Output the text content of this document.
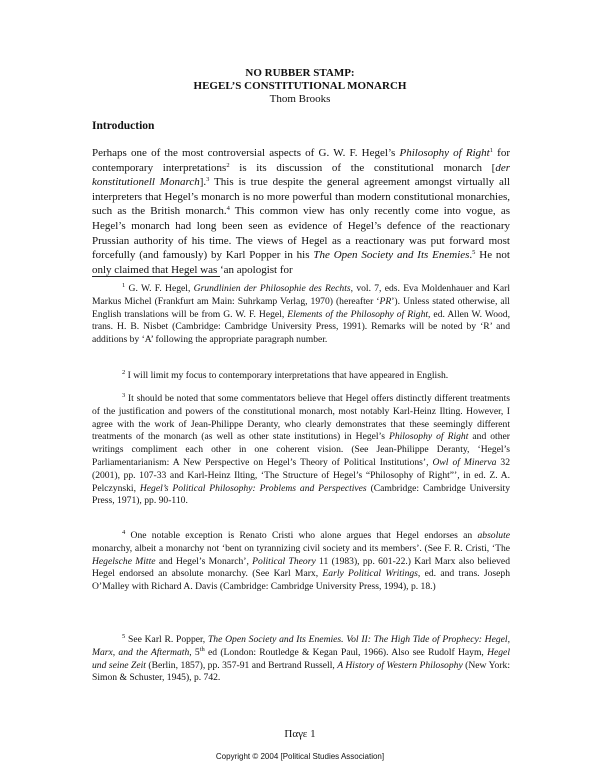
NO RUBBER STAMP:
HEGEL’S CONSTITUTIONAL MONARCH
Thom Brooks
Introduction
Perhaps one of the most controversial aspects of G. W. F. Hegel’s Philosophy of Right$^1$ for contemporary interpretations$^2$ is its discussion of the constitutional monarch [der konstitutionell Monarch].$^3$ This is true despite the general agreement amongst virtually all interpreters that Hegel’s monarch is no more powerful than modern constitutional monarchies, such as the British monarch.$^4$ This common view has only recently come into vogue, as Hegel’s monarch had long been seen as evidence of Hegel’s defence of the reactionary Prussian authority of his time. The views of Hegel as a reactionary was put forward most forcefully (and famously) by Karl Popper in his The Open Society and Its Enemies.$^5$ He not only claimed that Hegel was ‘an apologist for
$^1$ G. W. F. Hegel, Grundlinien der Philosophie des Rechts, vol. 7, eds. Eva Moldenhauer and Karl Markus Michel (Frankfurt am Main: Suhrkamp Verlag, 1970) (hereafter ‘PR’). Unless stated otherwise, all English translations will be from G. W. F. Hegel, Elements of the Philosophy of Right, ed. Allen W. Wood, trans. H. B. Nisbet (Cambridge: Cambridge University Press, 1991). Remarks will be noted by ‘R’ and additions by ‘A’ following the appropriate paragraph number.
$^2$ I will limit my focus to contemporary interpretations that have appeared in English.
$^3$ It should be noted that some commentators believe that Hegel offers distinctly different treatments of the justification and powers of the constitutional monarch, most notably Karl-Heinz Ilting. However, I agree with the work of Jean-Philippe Deranty, who clearly demonstrates that these seemingly different treatments of the monarch (as well as other state institutions) in Hegel’s Philosophy of Right and other writings compliment each other in one coherent vision. (See Jean-Philippe Deranty, ‘Hegel’s Parliamentarianism: A New Perspective on Hegel’s Theory of Political Institutions’, Owl of Minerva 32 (2001), pp. 107-33 and Karl-Heinz Ilting, ‘The Structure of Hegel’s “Philosophy of Right”’, in ed. Z. A. Pelczynski, Hegel’s Political Philosophy: Problems and Perspectives (Cambridge: Cambridge University Press, 1971), pp. 90-110.
$^4$ One notable exception is Renato Cristi who alone argues that Hegel endorses an absolute monarchy, albeit a monarchy not ‘bent on tyrannizing civil society and its members’. (See F. R. Cristi, ‘The Hegelsche Mitte and Hegel’s Monarch’, Political Theory 11 (1983), pp. 601-22.) Karl Marx also believed Hegel endorsed an absolute monarchy. (See Karl Marx, Early Political Writings, ed. and trans. Joseph O’Malley with Richard A. Davis (Cambridge: Cambridge University Press, 1994), p. 18.)
$^5$ See Karl R. Popper, The Open Society and Its Enemies. Vol II: The High Tide of Prophecy: Hegel, Marx, and the Aftermath, 5th ed (London: Routledge & Kegan Paul, 1966). Also see Rudolf Haym, Hegel und seine Zeit (Berlin, 1857), pp. 357-91 and Bertrand Russell, A History of Western Philosophy (New York: Simon & Schuster, 1945), p. 742.
Παγε 1
Copyright © 2004 [Political Studies Association]
